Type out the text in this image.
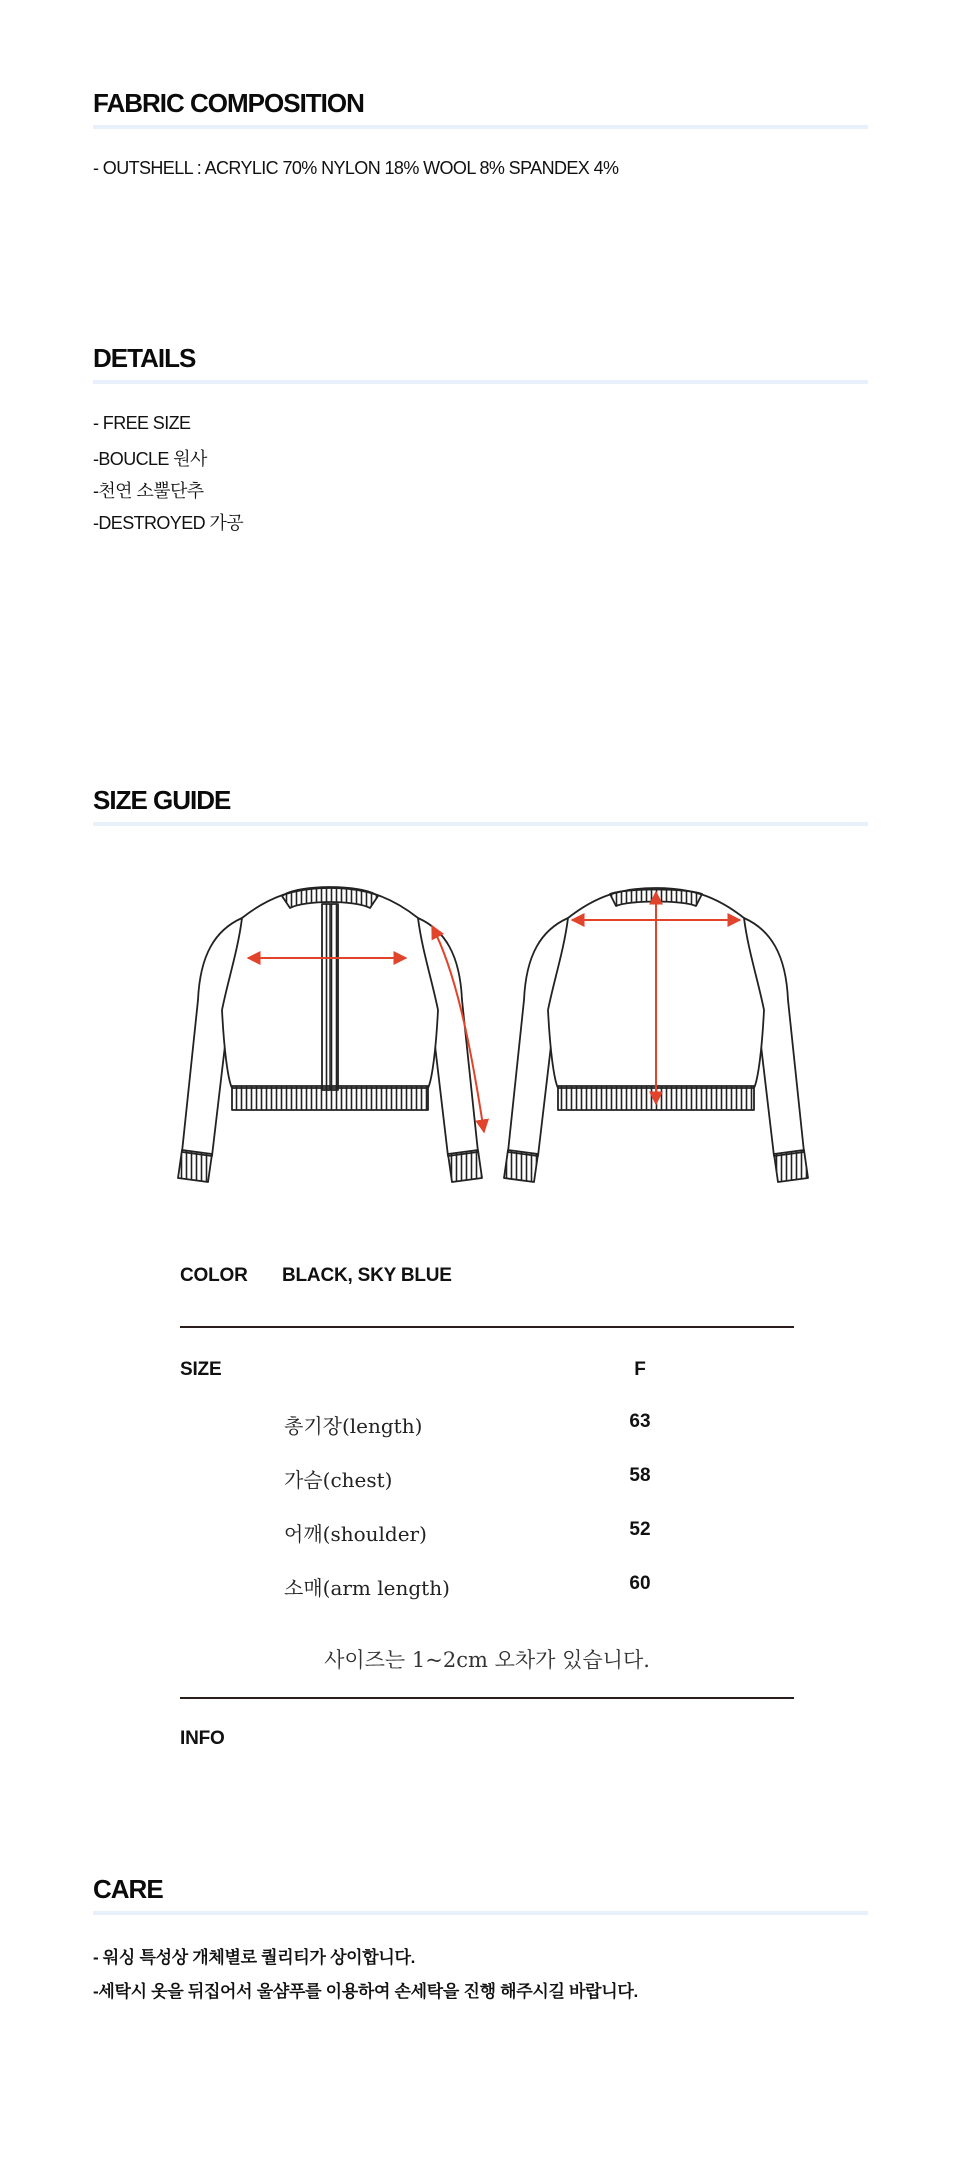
FABRIC COMPOSITION
- OUTSHELL : ACRYLIC 70% NYLON 18% WOOL 8% SPANDEX 4%
DETAILS
- FREE SIZE
-BOUCLE 원사
-천연 소뿔단추
-DESTROYED 가공
SIZE GUIDE
COLOR BLACK, SKY BLUE
SIZE	F
총기장(length)	63
가슴(chest)	58
어깨(shoulder)	52
소매(arm length)	60
사이즈는 1~2cm 오차가 있습니다.
INFO
CARE
- 워싱 특성상 개체별로 퀄리티가 상이합니다.
-세탁시 옷을 뒤집어서 울샴푸를 이용하여 손세탁을 진행 해주시길 바랍니다.
